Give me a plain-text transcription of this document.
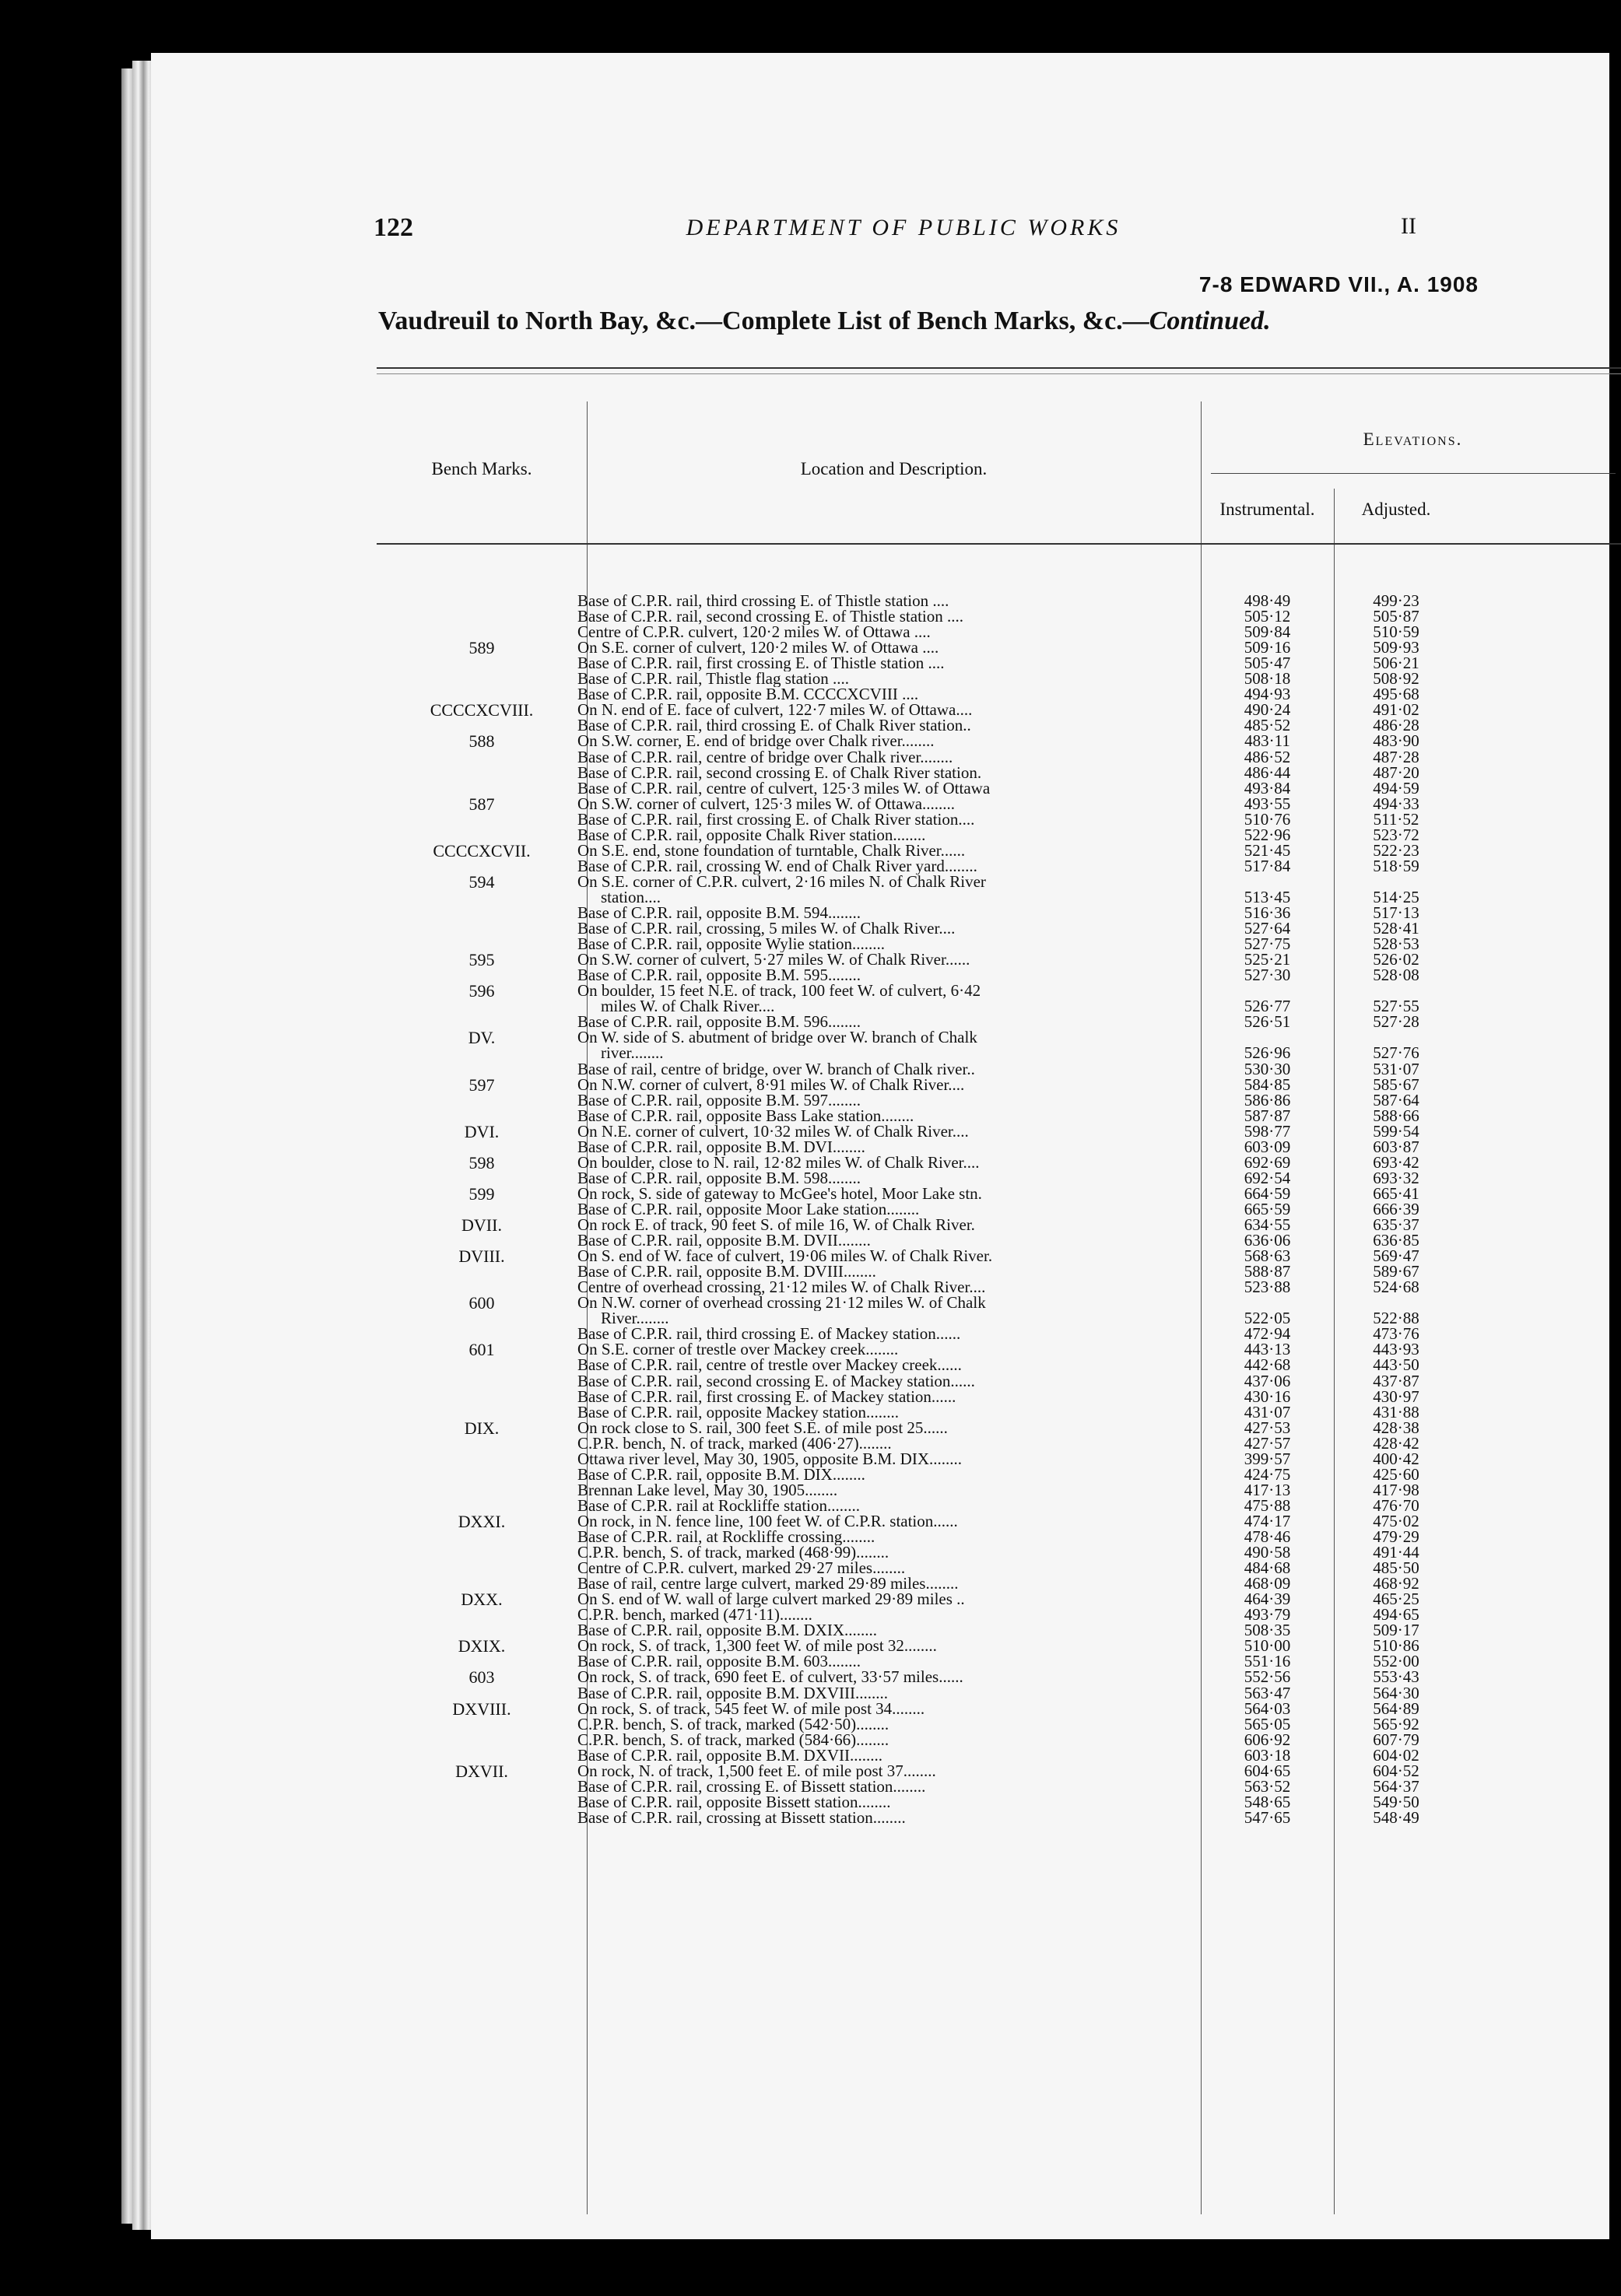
122	DEPARTMENT OF PUBLIC WORKS	II
7-8 EDWARD VII., A. 1908
Vaudreuil to North Bay, &c.—Complete List of Bench Marks, &c.—Continued.
Bench Marks.	Location and Description.
Elevations.
Instrumental.	Adjusted.
Base of C.P.R. rail, third crossing E. of Thistle station ....	498·49	499·23
Base of C.P.R. rail, second crossing E. of Thistle station ....	505·12	505·87
Centre of C.P.R. culvert, 120·2 miles W. of Ottawa ....	509·84	510·59
589	On S.E. corner of culvert, 120·2 miles W. of Ottawa ....	509·16	509·93
Base of C.P.R. rail, first crossing E. of Thistle station ....	505·47	506·21
Base of C.P.R. rail, Thistle flag station ....	508·18	508·92
Base of C.P.R. rail, opposite B.M. CCCCXCVIII ....	494·93	495·68
CCCCXCVIII.	On N. end of E. face of culvert, 122·7 miles W. of Ottawa....	490·24	491·02
Base of C.P.R. rail, third crossing E. of Chalk River station..	485·52	486·28
588	On S.W. corner, E. end of bridge over Chalk river........	483·11	483·90
Base of C.P.R. rail, centre of bridge over Chalk river........	486·52	487·28
Base of C.P.R. rail, second crossing E. of Chalk River station.	486·44	487·20
Base of C.P.R. rail, centre of culvert, 125·3 miles W. of Ottawa	493·84	494·59
587	On S.W. corner of culvert, 125·3 miles W. of Ottawa........	493·55	494·33
Base of C.P.R. rail, first crossing E. of Chalk River station....	510·76	511·52
Base of C.P.R. rail, opposite Chalk River station........	522·96	523·72
CCCCXCVII.	On S.E. end, stone foundation of turntable, Chalk River......	521·45	522·23
Base of C.P.R. rail, crossing W. end of Chalk River yard........	517·84	518·59
594	On S.E. corner of C.P.R. culvert, 2·16 miles N. of Chalk River
station....	513·45	514·25
Base of C.P.R. rail, opposite B.M. 594........	516·36	517·13
Base of C.P.R. rail, crossing, 5 miles W. of Chalk River....	527·64	528·41
Base of C.P.R. rail, opposite Wylie station........	527·75	528·53
595	On S.W. corner of culvert, 5·27 miles W. of Chalk River......	525·21	526·02
Base of C.P.R. rail, opposite B.M. 595........	527·30	528·08
596	On boulder, 15 feet N.E. of track, 100 feet W. of culvert, 6·42
miles W. of Chalk River....	526·77	527·55
Base of C.P.R. rail, opposite B.M. 596........	526·51	527·28
DV.	On W. side of S. abutment of bridge over W. branch of Chalk
river........	526·96	527·76
Base of rail, centre of bridge, over W. branch of Chalk river..	530·30	531·07
597	On N.W. corner of culvert, 8·91 miles W. of Chalk River....	584·85	585·67
Base of C.P.R. rail, opposite B.M. 597........	586·86	587·64
Base of C.P.R. rail, opposite Bass Lake station........	587·87	588·66
DVI.	On N.E. corner of culvert, 10·32 miles W. of Chalk River....	598·77	599·54
Base of C.P.R. rail, opposite B.M. DVI........	603·09	603·87
598	On boulder, close to N. rail, 12·82 miles W. of Chalk River....	692·69	693·42
Base of C.P.R. rail, opposite B.M. 598........	692·54	693·32
599	On rock, S. side of gateway to McGee's hotel, Moor Lake stn.	664·59	665·41
Base of C.P.R. rail, opposite Moor Lake station........	665·59	666·39
DVII.	On rock E. of track, 90 feet S. of mile 16, W. of Chalk River.	634·55	635·37
Base of C.P.R. rail, opposite B.M. DVII........	636·06	636·85
DVIII.	On S. end of W. face of culvert, 19·06 miles W. of Chalk River.	568·63	569·47
Base of C.P.R. rail, opposite B.M. DVIII........	588·87	589·67
Centre of overhead crossing, 21·12 miles W. of Chalk River....	523·88	524·68
600	On N.W. corner of overhead crossing 21·12 miles W. of Chalk
River........	522·05	522·88
Base of C.P.R. rail, third crossing E. of Mackey station......	472·94	473·76
601	On S.E. corner of trestle over Mackey creek........	443·13	443·93
Base of C.P.R. rail, centre of trestle over Mackey creek......	442·68	443·50
Base of C.P.R. rail, second crossing E. of Mackey station......	437·06	437·87
Base of C.P.R. rail, first crossing E. of Mackey station......	430·16	430·97
Base of C.P.R. rail, opposite Mackey station........	431·07	431·88
DIX.	On rock close to S. rail, 300 feet S.E. of mile post 25......	427·53	428·38
C.P.R. bench, N. of track, marked (406·27)........	427·57	428·42
Ottawa river level, May 30, 1905, opposite B.M. DIX........	399·57	400·42
Base of C.P.R. rail, opposite B.M. DIX........	424·75	425·60
Brennan Lake level, May 30, 1905........	417·13	417·98
Base of C.P.R. rail at Rockliffe station........	475·88	476·70
DXXI.	On rock, in N. fence line, 100 feet W. of C.P.R. station......	474·17	475·02
Base of C.P.R. rail, at Rockliffe crossing........	478·46	479·29
C.P.R. bench, S. of track, marked (468·99)........	490·58	491·44
Centre of C.P.R. culvert, marked 29·27 miles........	484·68	485·50
Base of rail, centre large culvert, marked 29·89 miles........	468·09	468·92
DXX.	On S. end of W. wall of large culvert marked 29·89 miles ..	464·39	465·25
C.P.R. bench, marked (471·11)........	493·79	494·65
Base of C.P.R. rail, opposite B.M. DXIX........	508·35	509·17
DXIX.	On rock, S. of track, 1,300 feet W. of mile post 32........	510·00	510·86
Base of C.P.R. rail, opposite B.M. 603........	551·16	552·00
603	On rock, S. of track, 690 feet E. of culvert, 33·57 miles......	552·56	553·43
Base of C.P.R. rail, opposite B.M. DXVIII........	563·47	564·30
DXVIII.	On rock, S. of track, 545 feet W. of mile post 34........	564·03	564·89
C.P.R. bench, S. of track, marked (542·50)........	565·05	565·92
C.P.R. bench, S. of track, marked (584·66)........	606·92	607·79
Base of C.P.R. rail, opposite B.M. DXVII........	603·18	604·02
DXVII.	On rock, N. of track, 1,500 feet E. of mile post 37........	604·65	604·52
Base of C.P.R. rail, crossing E. of Bissett station........	563·52	564·37
Base of C.P.R. rail, opposite Bissett station........	548·65	549·50
Base of C.P.R. rail, crossing at Bissett station........	547·65	548·49
